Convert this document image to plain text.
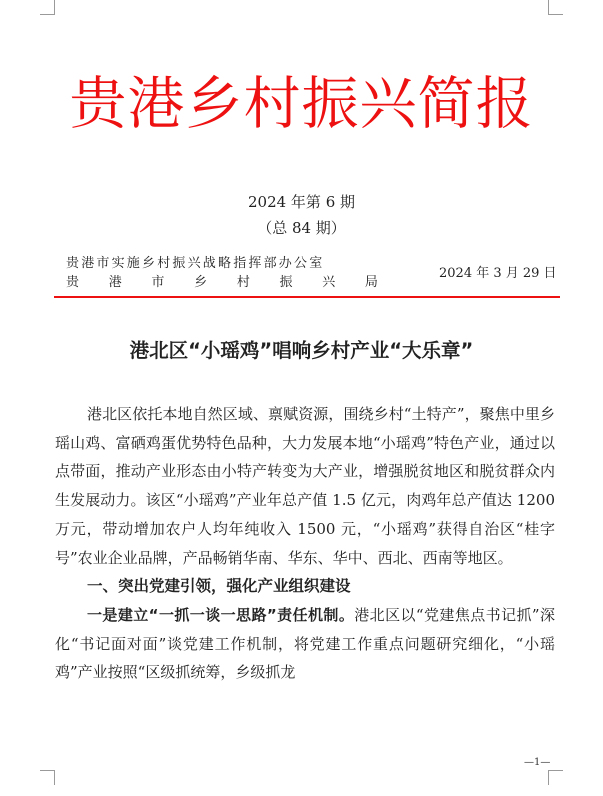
贵港乡村振兴简报
2024 年第 6 期
（总 84 期）
贵港市实施乡村振兴战略指挥部办公室
贵 港 市 乡 村 振 兴 局
2024 年 3 月 29 日
港北区“小瑶鸡”唱响乡村产业“大乐章”

港北区依托本地自然区域、禀赋资源，围绕乡村“土特产”，聚焦中里乡瑶山鸡、富硒鸡蛋优势特色品种，大力发展本地“小瑶鸡”特色产业，通过以点带面，推动产业形态由小特产转变为大产业，增强脱贫地区和脱贫群众内生发展动力。该区“小瑶鸡”产业年总产值 1.5 亿元，肉鸡年总产值达 1200 万元，带动增加农户人均年纯收入 1500 元，“小瑶鸡”获得自治区“桂字号”农业企业品牌，产品畅销华南、华东、华中、西北、西南等地区。

一、突出党建引领，强化产业组织建设

一是建立“一抓一谈一思路”责任机制。港北区以“党建焦点书记抓”深化“书记面对面”谈党建工作机制，将党建工作重点问题研究细化，“小瑶鸡”产业按照“区级抓统筹，乡级抓龙

—1—
